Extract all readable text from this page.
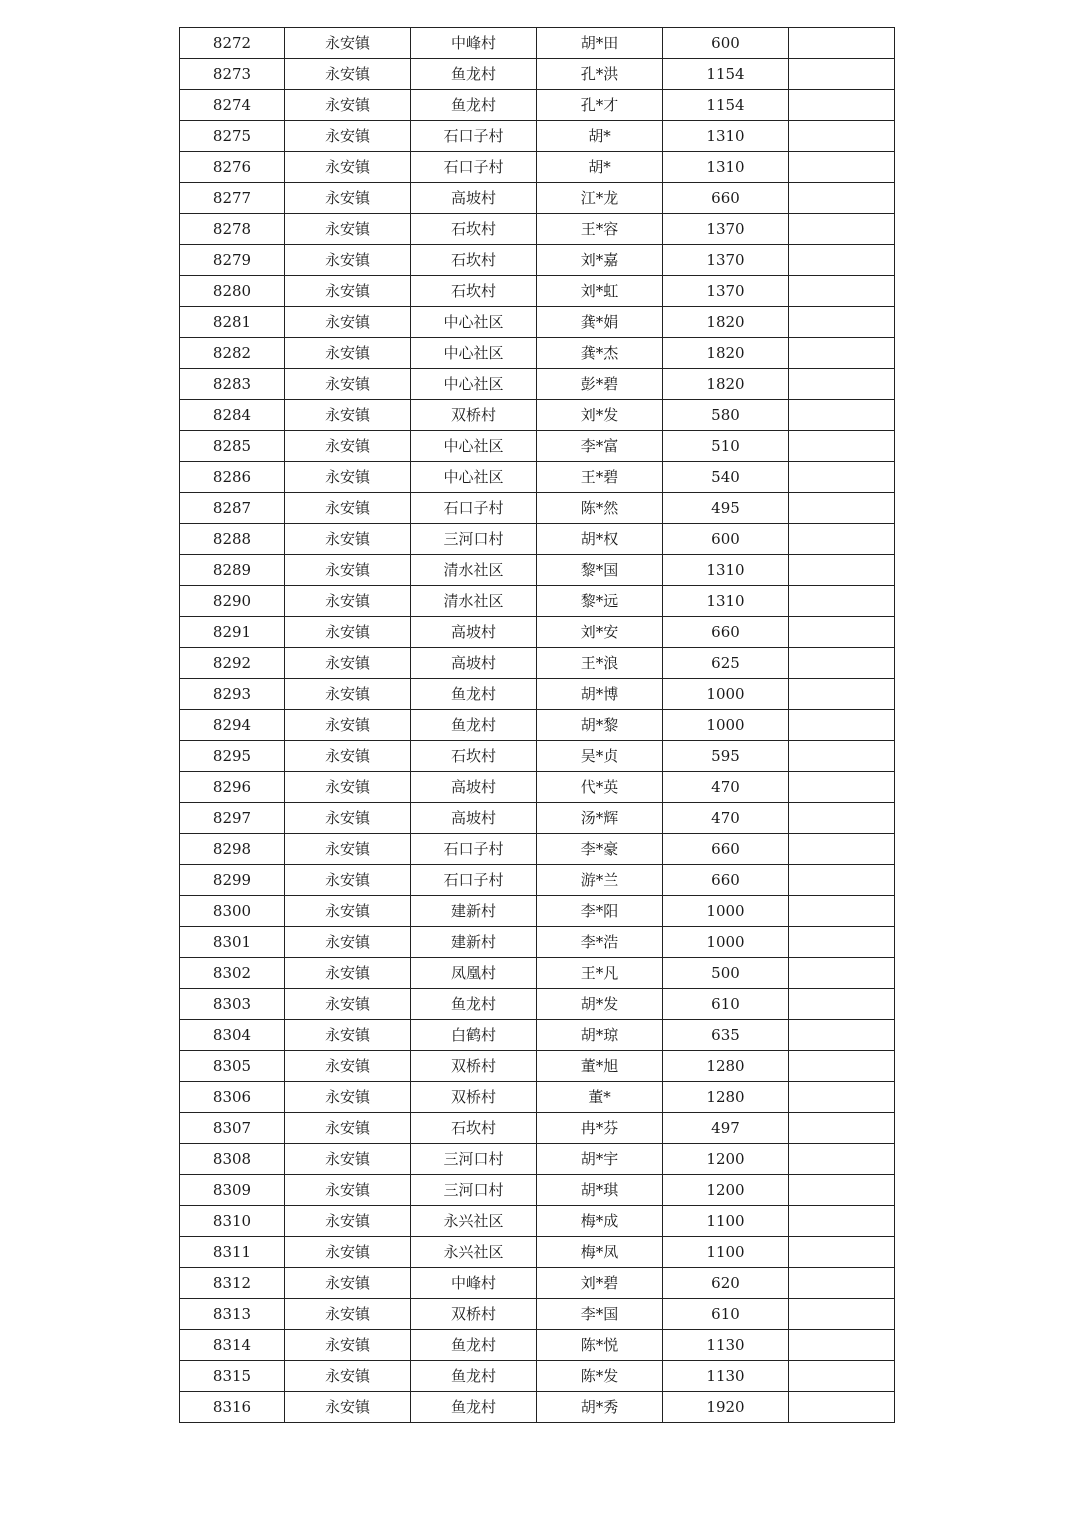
8272	永安镇	中峰村	胡*田	600	
8273	永安镇	鱼龙村	孔*洪	1154	
8274	永安镇	鱼龙村	孔*才	1154	
8275	永安镇	石口子村	胡*	1310	
8276	永安镇	石口子村	胡*	1310	
8277	永安镇	高坡村	江*龙	660	
8278	永安镇	石坎村	王*容	1370	
8279	永安镇	石坎村	刘*嘉	1370	
8280	永安镇	石坎村	刘*虹	1370	
8281	永安镇	中心社区	龚*娟	1820	
8282	永安镇	中心社区	龚*杰	1820	
8283	永安镇	中心社区	彭*碧	1820	
8284	永安镇	双桥村	刘*发	580	
8285	永安镇	中心社区	李*富	510	
8286	永安镇	中心社区	王*碧	540	
8287	永安镇	石口子村	陈*然	495	
8288	永安镇	三河口村	胡*权	600	
8289	永安镇	清水社区	黎*国	1310	
8290	永安镇	清水社区	黎*远	1310	
8291	永安镇	高坡村	刘*安	660	
8292	永安镇	高坡村	王*浪	625	
8293	永安镇	鱼龙村	胡*博	1000	
8294	永安镇	鱼龙村	胡*黎	1000	
8295	永安镇	石坎村	吴*贞	595	
8296	永安镇	高坡村	代*英	470	
8297	永安镇	高坡村	汤*辉	470	
8298	永安镇	石口子村	李*豪	660	
8299	永安镇	石口子村	游*兰	660	
8300	永安镇	建新村	李*阳	1000	
8301	永安镇	建新村	李*浩	1000	
8302	永安镇	凤凰村	王*凡	500	
8303	永安镇	鱼龙村	胡*发	610	
8304	永安镇	白鹤村	胡*琼	635	
8305	永安镇	双桥村	董*旭	1280	
8306	永安镇	双桥村	董*	1280	
8307	永安镇	石坎村	冉*芬	497	
8308	永安镇	三河口村	胡*宇	1200	
8309	永安镇	三河口村	胡*琪	1200	
8310	永安镇	永兴社区	梅*成	1100	
8311	永安镇	永兴社区	梅*凤	1100	
8312	永安镇	中峰村	刘*碧	620	
8313	永安镇	双桥村	李*国	610	
8314	永安镇	鱼龙村	陈*悦	1130	
8315	永安镇	鱼龙村	陈*发	1130	
8316	永安镇	鱼龙村	胡*秀	1920	
